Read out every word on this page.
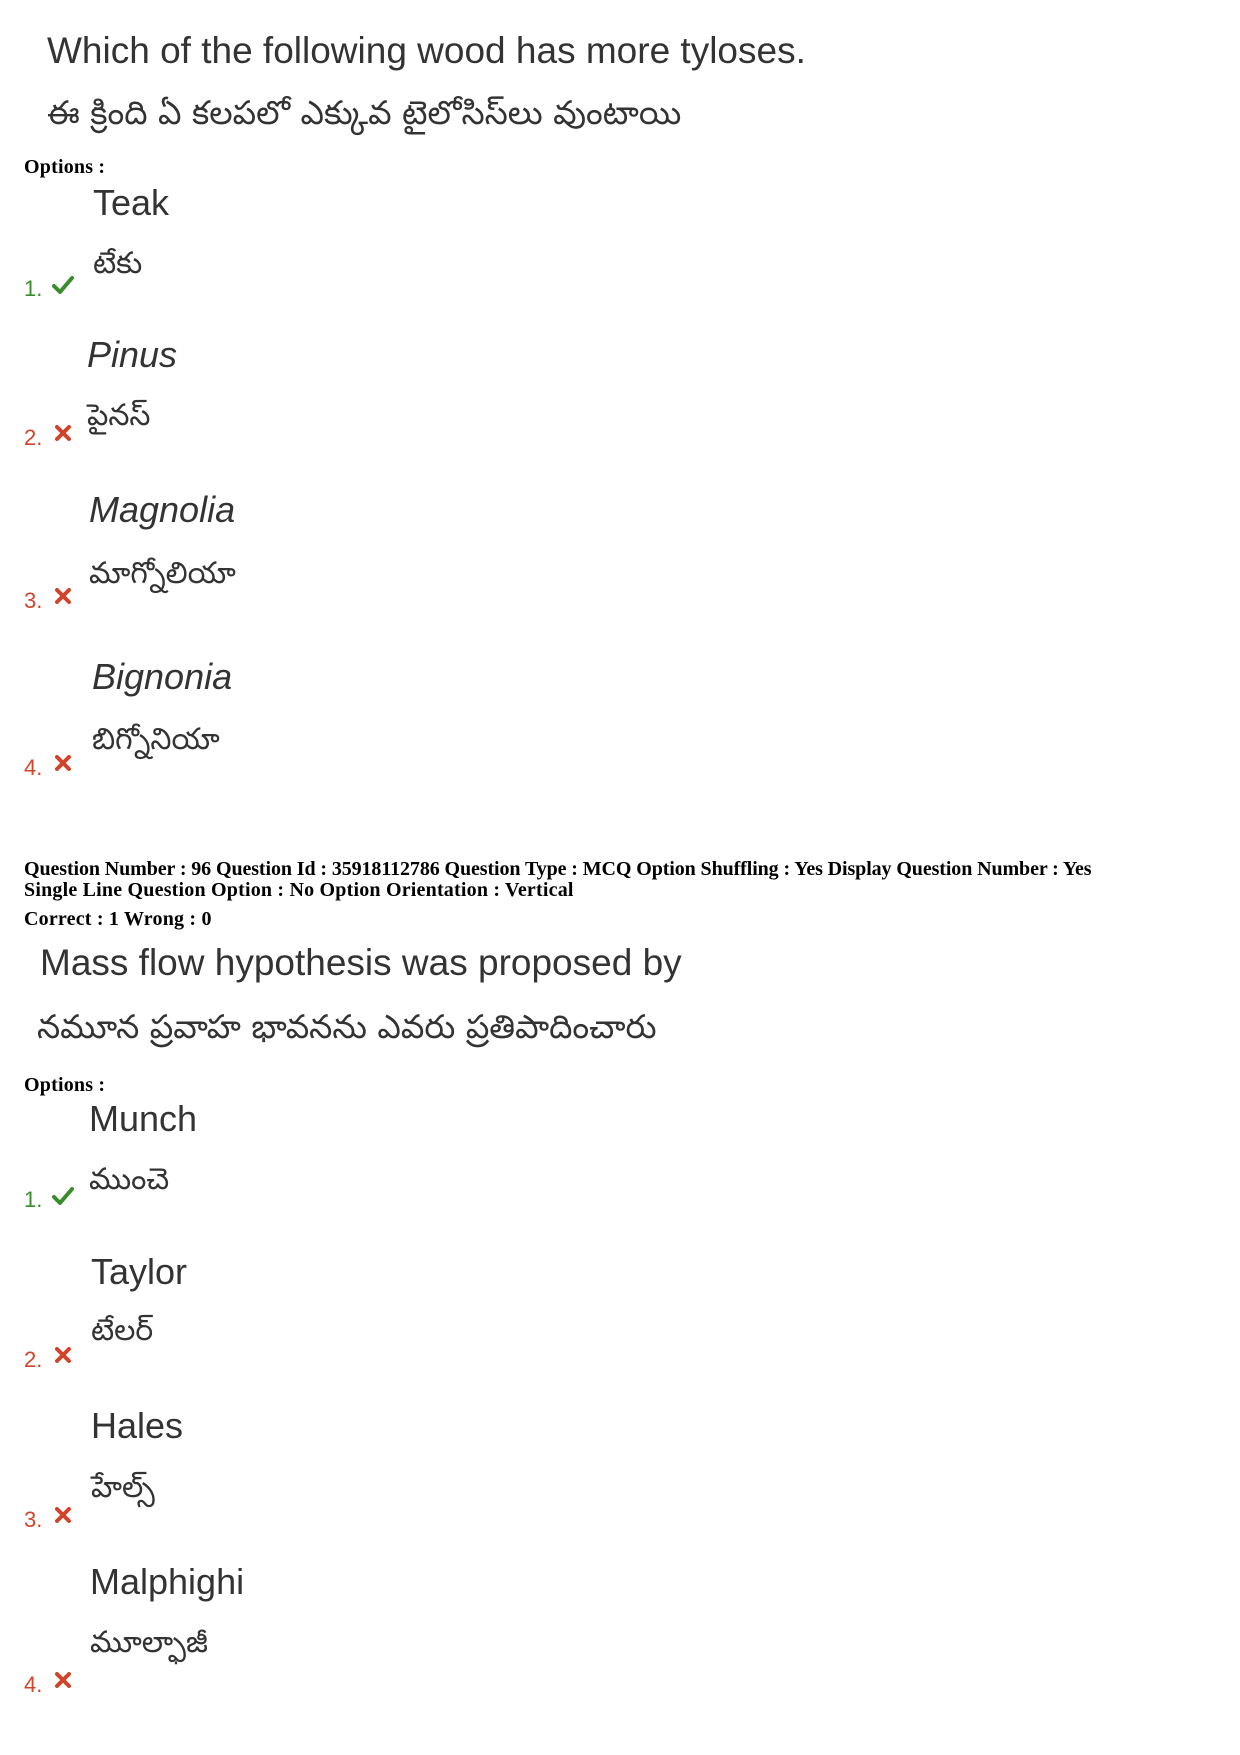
Which of the following wood has more tyloses.
ఈ క్రింది ఏ కలపలో ఎక్కువ టైలోసిస్‌లు వుంటాయి
Options :
Teak
టేకు
1.
Pinus
పైనస్
2.
Magnolia
మాగ్నోలియా
3.
Bignonia
బిగ్నోనియా
4.
Question Number : 96 Question Id : 35918112786 Question Type : MCQ Option Shuffling : Yes Display Question Number : Yes
Single Line Question Option : No Option Orientation : Vertical
Correct : 1 Wrong : 0
Mass flow hypothesis was proposed by
నమూన ప్రవాహ భావనను ఎవరు ప్రతిపాదించారు
Options :
Munch
ముంచె
1.
Taylor
టేలర్
2.
Hales
హేల్స్
3.
Malphighi
మూల్ఫాజీ
4.
